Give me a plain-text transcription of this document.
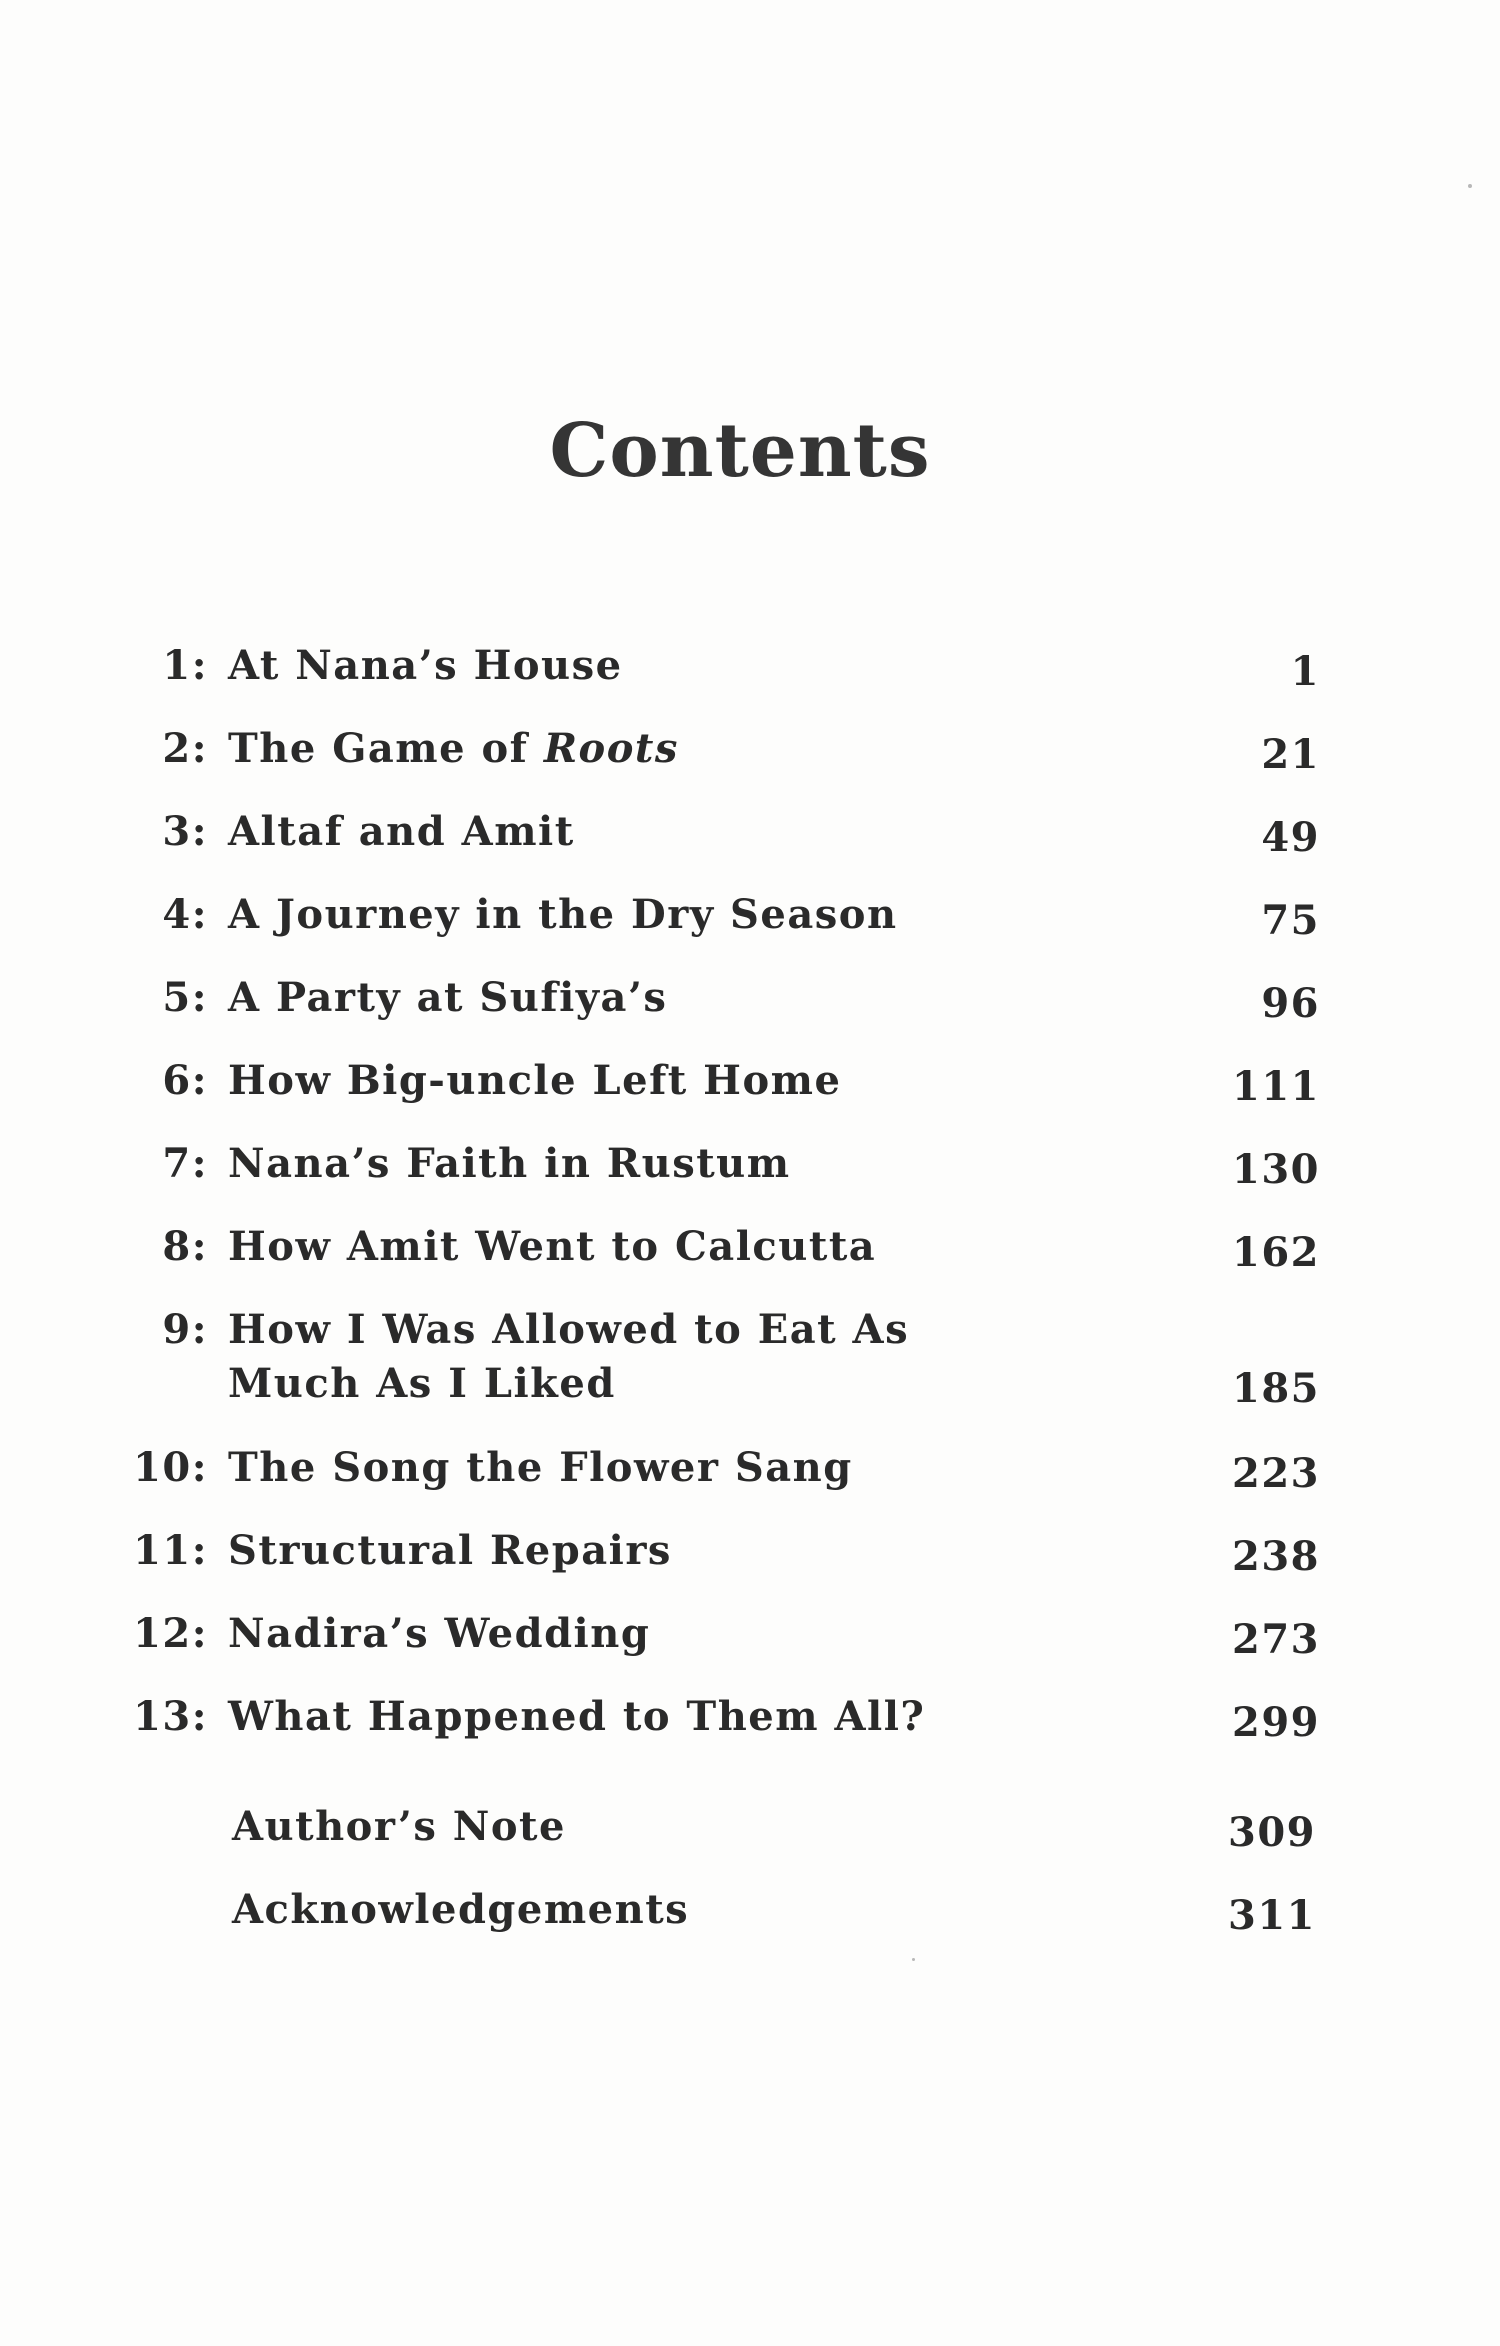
Contents
1: At Nana’s House	1
2: The Game of Roots	21
3: Altaf and Amit	49
4: A Journey in the Dry Season	75
5: A Party at Sufiya’s	96
6: How Big-uncle Left Home	111
7: Nana’s Faith in Rustum	130
8: How Amit Went to Calcutta	162
9: How I Was Allowed to Eat As
Much As I Liked	185
10: The Song the Flower Sang	223
11: Structural Repairs	238
12: Nadira’s Wedding	273
13: What Happened to Them All?	299
Author’s Note	309
Acknowledgements	311
